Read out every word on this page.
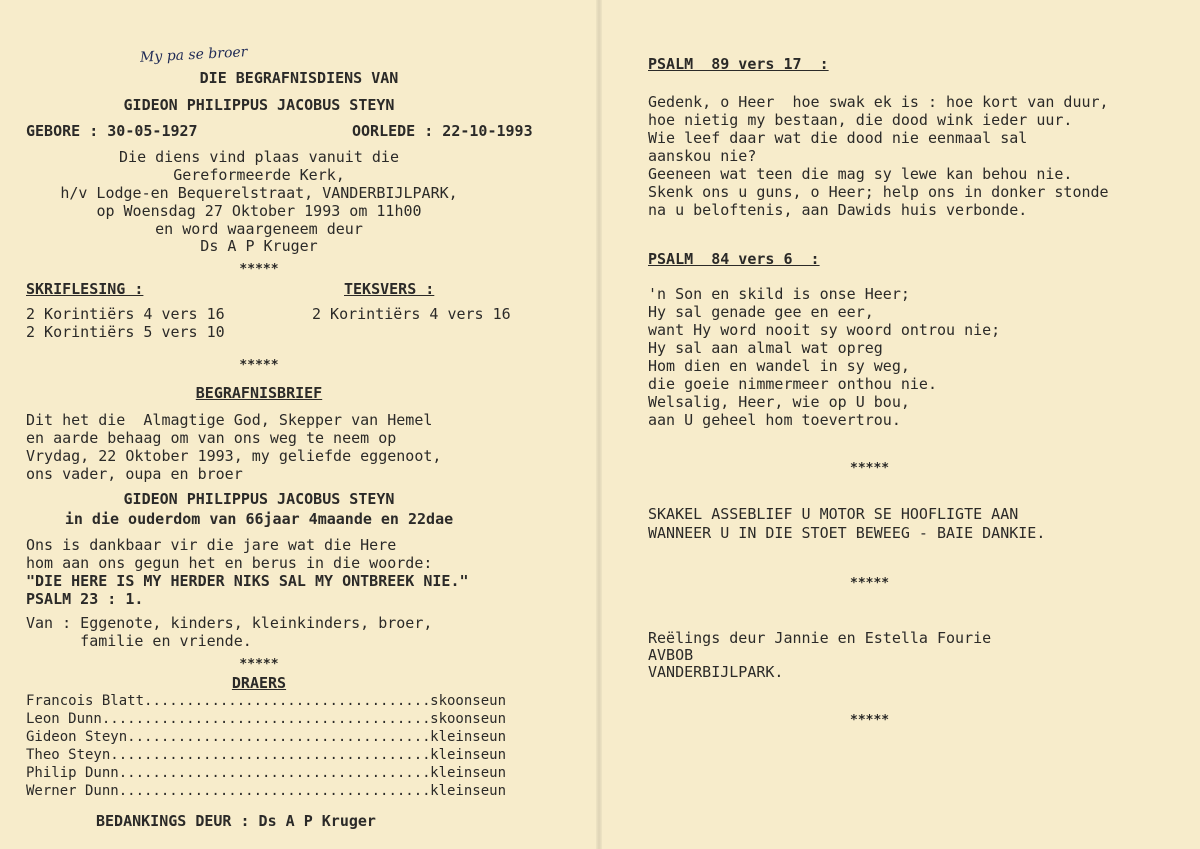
My pa se broer
DIE BEGRAFNISDIENS VAN
GIDEON PHILIPPUS JACOBUS STEYN
GEBORE : 30-05-1927	OORLEDE : 22-10-1993
Die diens vind plaas vanuit die
Gereformeerde Kerk,
h/v Lodge-en Bequerelstraat, VANDERBIJLPARK,
op Woensdag 27 Oktober 1993 om 11h00
en word waargeneem deur
Ds A P Kruger
*****
SKRIFLESING :	TEKSVERS :
2 Korintiërs 4 vers 16	2 Korintiërs 4 vers 16
2 Korintiërs 5 vers 10
*****
BEGRAFNISBRIEF
Dit het die  Almagtige God, Skepper van Hemel
en aarde behaag om van ons weg te neem op
Vrydag, 22 Oktober 1993, my geliefde eggenoot,
ons vader, oupa en broer
GIDEON PHILIPPUS JACOBUS STEYN
in die ouderdom van 66jaar 4maande en 22dae
Ons is dankbaar vir die jare wat die Here
hom aan ons gegun het en berus in die woorde:
"DIE HERE IS MY HERDER NIKS SAL MY ONTBREEK NIE."
PSALM 23 : 1.
Van : Eggenote, kinders, kleinkinders, broer,
familie en vriende.
*****
DRAERS
Francois Blatt .....	skoonseun
Leon Dunn .....	skoonseun
Gideon Steyn .....	kleinseun
Theo Steyn .....	kleinseun
Philip Dunn .....	kleinseun
Werner Dunn .....	kleinseun
BEDANKINGS DEUR : Ds A P Kruger
PSALM  89 vers 17  :
Gedenk, o Heer  hoe swak ek is : hoe kort van duur,
hoe nietig my bestaan, die dood wink ieder uur.
Wie leef daar wat die dood nie eenmaal sal
aanskou nie?
Geeneen wat teen die mag sy lewe kan behou nie.
Skenk ons u guns, o Heer; help ons in donker stonde
na u beloftenis, aan Dawids huis verbonde.
PSALM  84 vers 6  :
'n Son en skild is onse Heer;
Hy sal genade gee en eer,
want Hy word nooit sy woord ontrou nie;
Hy sal aan almal wat opreg
Hom dien en wandel in sy weg,
die goeie nimmermeer onthou nie.
Welsalig, Heer, wie op U bou,
aan U geheel hom toevertrou.
*****
SKAKEL ASSEBLIEF U MOTOR SE HOOFLIGTE AAN
WANNEER U IN DIE STOET BEWEEG - BAIE DANKIE.
*****
Reëlings deur Jannie en Estella Fourie
AVBOB
VANDERBIJLPARK.
*****
